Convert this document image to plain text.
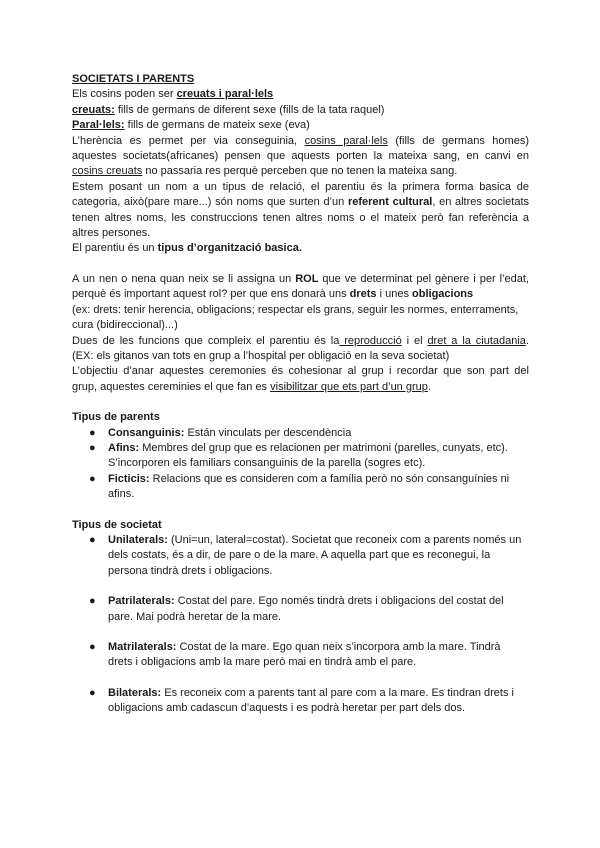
SOCIETATS I PARENTS
Els cosins poden ser creuats i paral·lels
creuats: fills de germans de diferent sexe (fills de la tata raquel)
Paral·lels: fills de germans de mateix sexe (eva)
L’herència es permet per via conseguinia, cosins paral·lels (fills de germans homes)
aquestes societats(africanes) pensen que aquests porten la mateixa sang, en canvi en
cosins creuats no passaria res perquè perceben que no tenen la mateixa sang.
Estem posant un nom a un tipus de relació, el parentiu és la primera forma basica de
categoria, això(pare mare...) són noms que surten d’un referent cultural, en altres societats
tenen altres noms, les construccions tenen altres noms o el mateix però fan referència a
altres persones.
El parentiu és un tipus d’organització basica.
A un nen o nena quan neix se li assigna un ROL que ve determinat pel gènere i per l’edat,
perquè és important aquest rol? per que ens donarà uns drets i unes obligacions
(ex: drets: tenir herencia, obligacions; respectar els grans, seguir les normes, enterraments,
cura (bidireccional)...)
Dues de les funcions que compleix el parentiu és la reproducció i el dret a la ciutadania.
(EX: els gitanos van tots en grup a l’hospital per obligació en la seva societat)
L’objectiu d’anar aquestes ceremonies és cohesionar al grup i recordar que son part del
grup, aquestes cereminies el que fan es visibilitzar que ets part d’un grup.
Tipus de parents
● Consanguinis: Están vinculats per descendència
● Afins: Membres del grup que es relacionen per matrimoni (parelles, cunyats, etc).
S’incorporen els familiars consanguinis de la parella (sogres etc).
● Ficticis: Relacions que es consideren com a família però no són consanguínies ni
afins.
Tipus de societat
● Unilaterals: (Uni=un, lateral=costat). Societat que reconeix com a parents només un
dels costats, és a dir, de pare o de la mare. A aquella part que es reconegui, la
persona tindrà drets i obligacions.
● Patrilaterals: Costat del pare. Ego només tindrà drets i obligacions del costat del
pare. Mai podrà heretar de la mare.
● Matrilaterals: Costat de la mare. Ego quan neix s’incorpora amb la mare. Tindrà
drets i obligacions amb la mare però mai en tindrà amb el pare.
● Bilaterals: Es reconeix com a parents tant al pare com a la mare. Es tindran drets i
obligacions amb cadascun d’aquests i es podrà heretar per part dels dos.
